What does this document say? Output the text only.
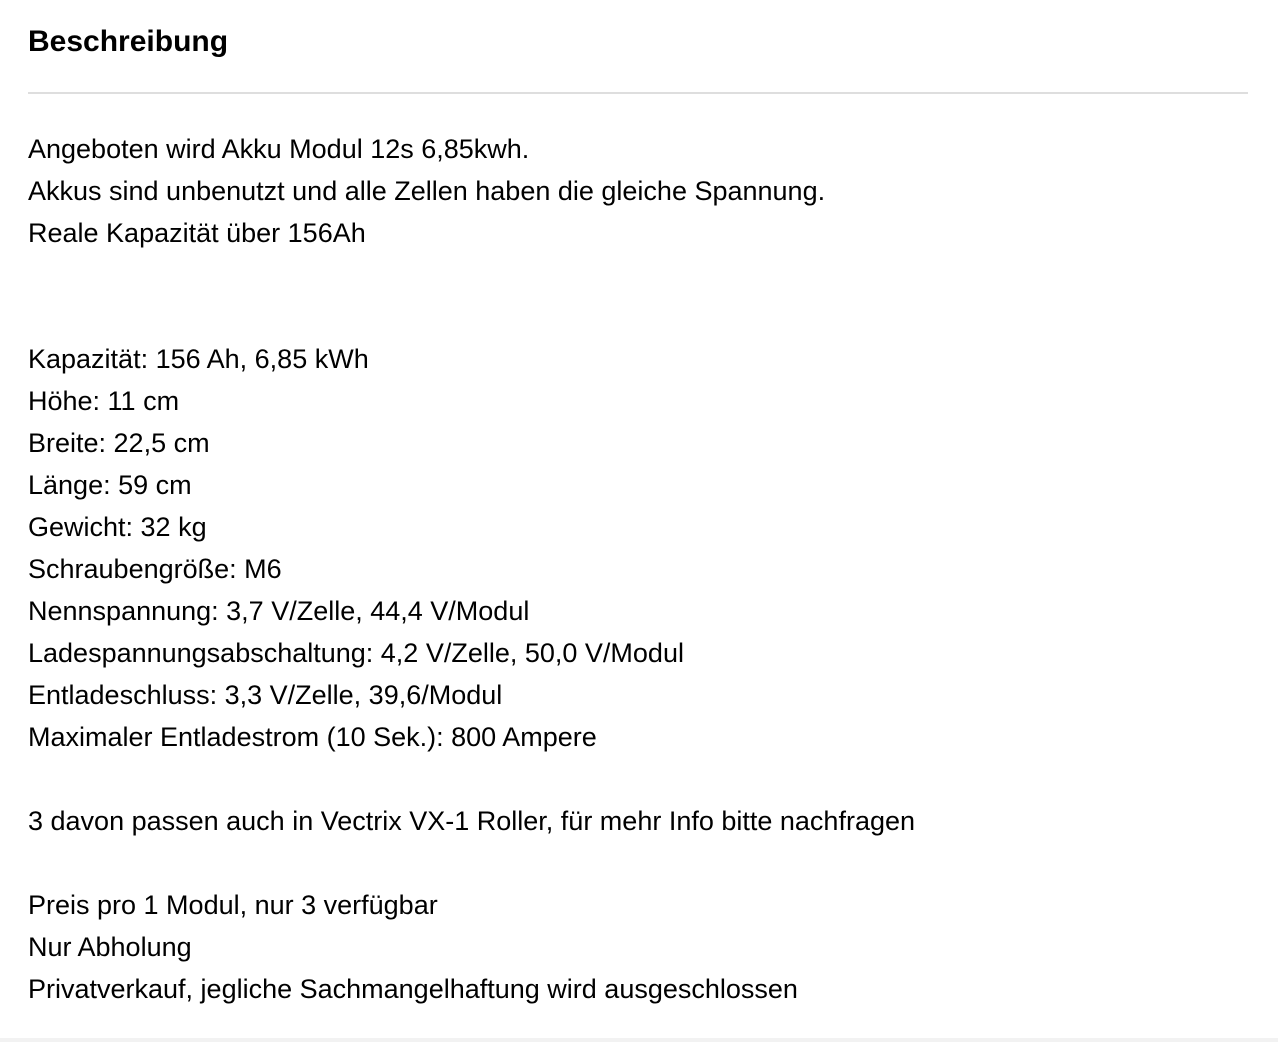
Beschreibung
Angeboten wird Akku Modul 12s 6,85kwh.
Akkus sind unbenutzt und alle Zellen haben die gleiche Spannung.
Reale Kapazität über 156Ah
Kapazität: 156 Ah, 6,85 kWh
Höhe: 11 cm
Breite: 22,5 cm
Länge: 59 cm
Gewicht: 32 kg
Schraubengröße: M6
Nennspannung: 3,7 V/Zelle, 44,4 V/Modul
Ladespannungsabschaltung: 4,2 V/Zelle, 50,0 V/Modul
Entladeschluss: 3,3 V/Zelle, 39,6/Modul
Maximaler Entladestrom (10 Sek.): 800 Ampere
3 davon passen auch in Vectrix VX-1 Roller, für mehr Info bitte nachfragen
Preis pro 1 Modul, nur 3 verfügbar
Nur Abholung
Privatverkauf, jegliche Sachmangelhaftung wird ausgeschlossen
